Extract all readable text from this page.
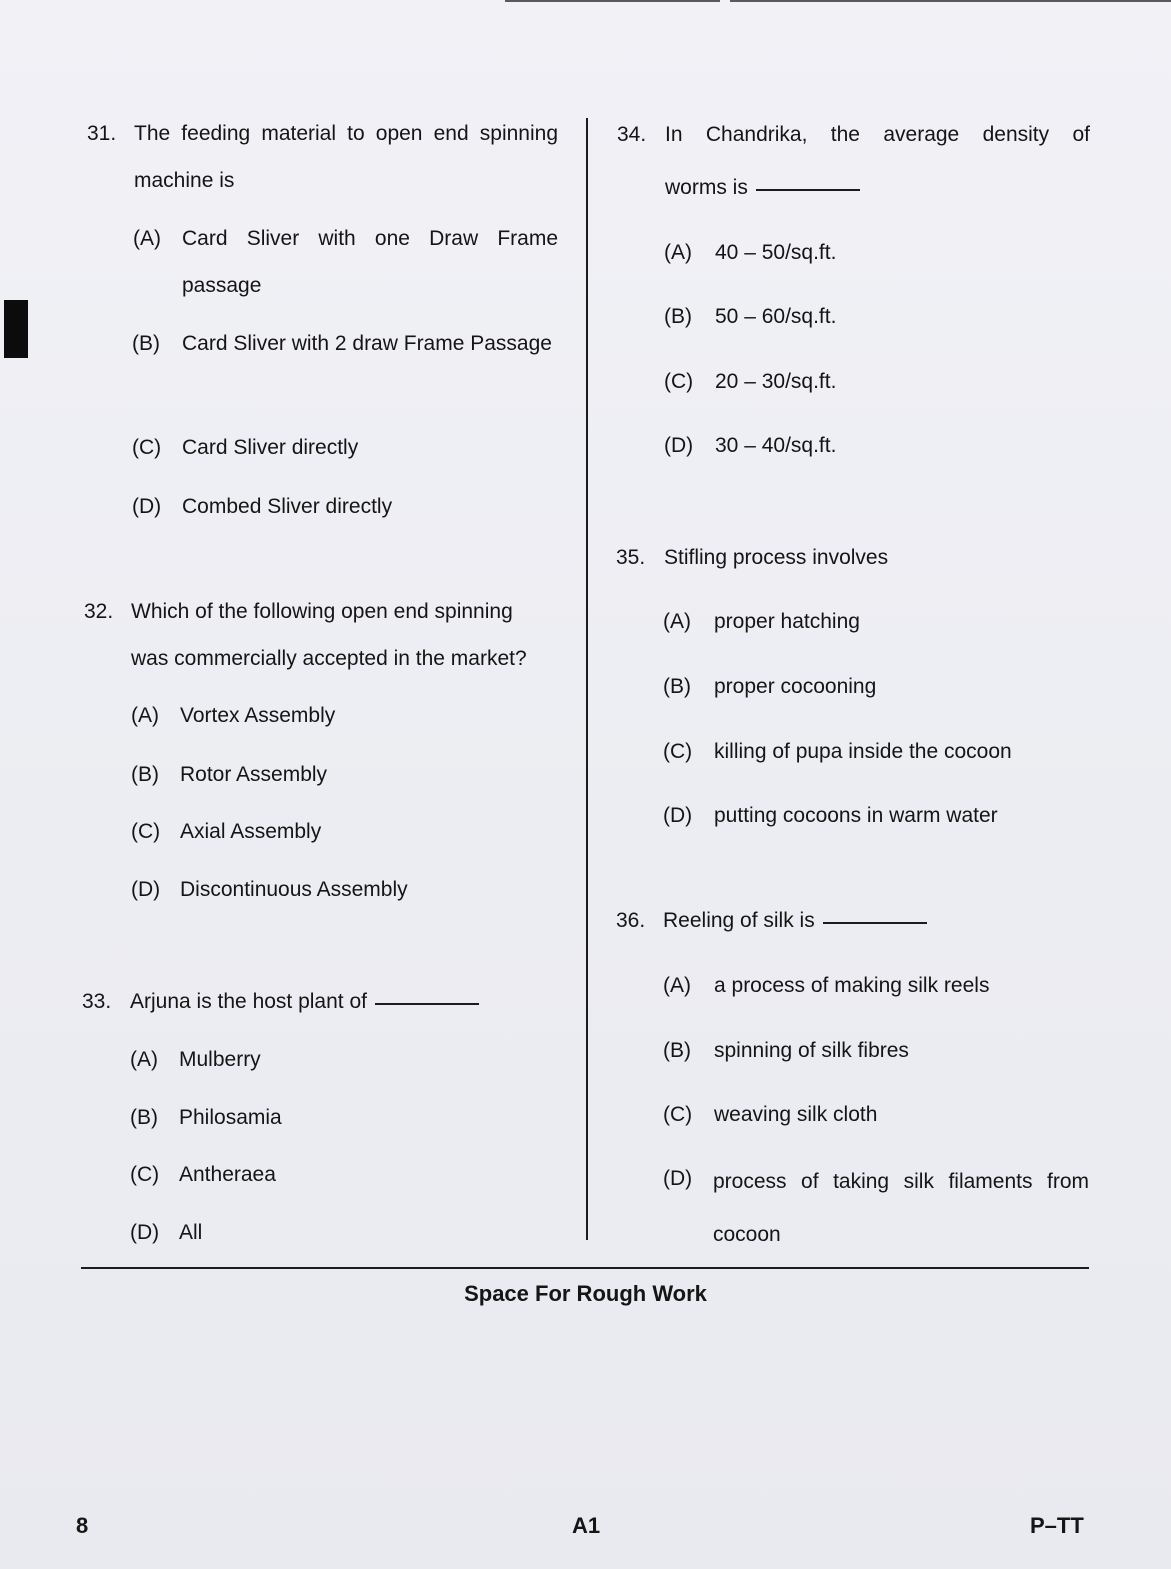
31. The feeding material to open end spinning
machine is
(A) Card Sliver with one Draw Frame passage
(B) Card Sliver with 2 draw Frame Passage
(C) Card Sliver directly
(D) Combed Sliver directly
32. Which of the following open end spinning
was commercially accepted in the market?
(A) Vortex Assembly
(B) Rotor Assembly
(C) Axial Assembly
(D) Discontinuous Assembly
33. Arjuna is the host plant of
(A) Mulberry
(B) Philosamia
(C) Antheraea
(D) All
34. In Chandrika, the average density of
worms is
(A) 40 – 50/sq.ft.
(B) 50 – 60/sq.ft.
(C) 20 – 30/sq.ft.
(D) 30 – 40/sq.ft.
35. Stifling process involves
(A) proper hatching
(B) proper cocooning
(C) killing of pupa inside the cocoon
(D) putting cocoons in warm water
36. Reeling of silk is
(A) a process of making silk reels
(B) spinning of silk fibres
(C) weaving silk cloth
(D) process of taking silk filaments from cocoon
Space For Rough Work
8	A1	P–TT
